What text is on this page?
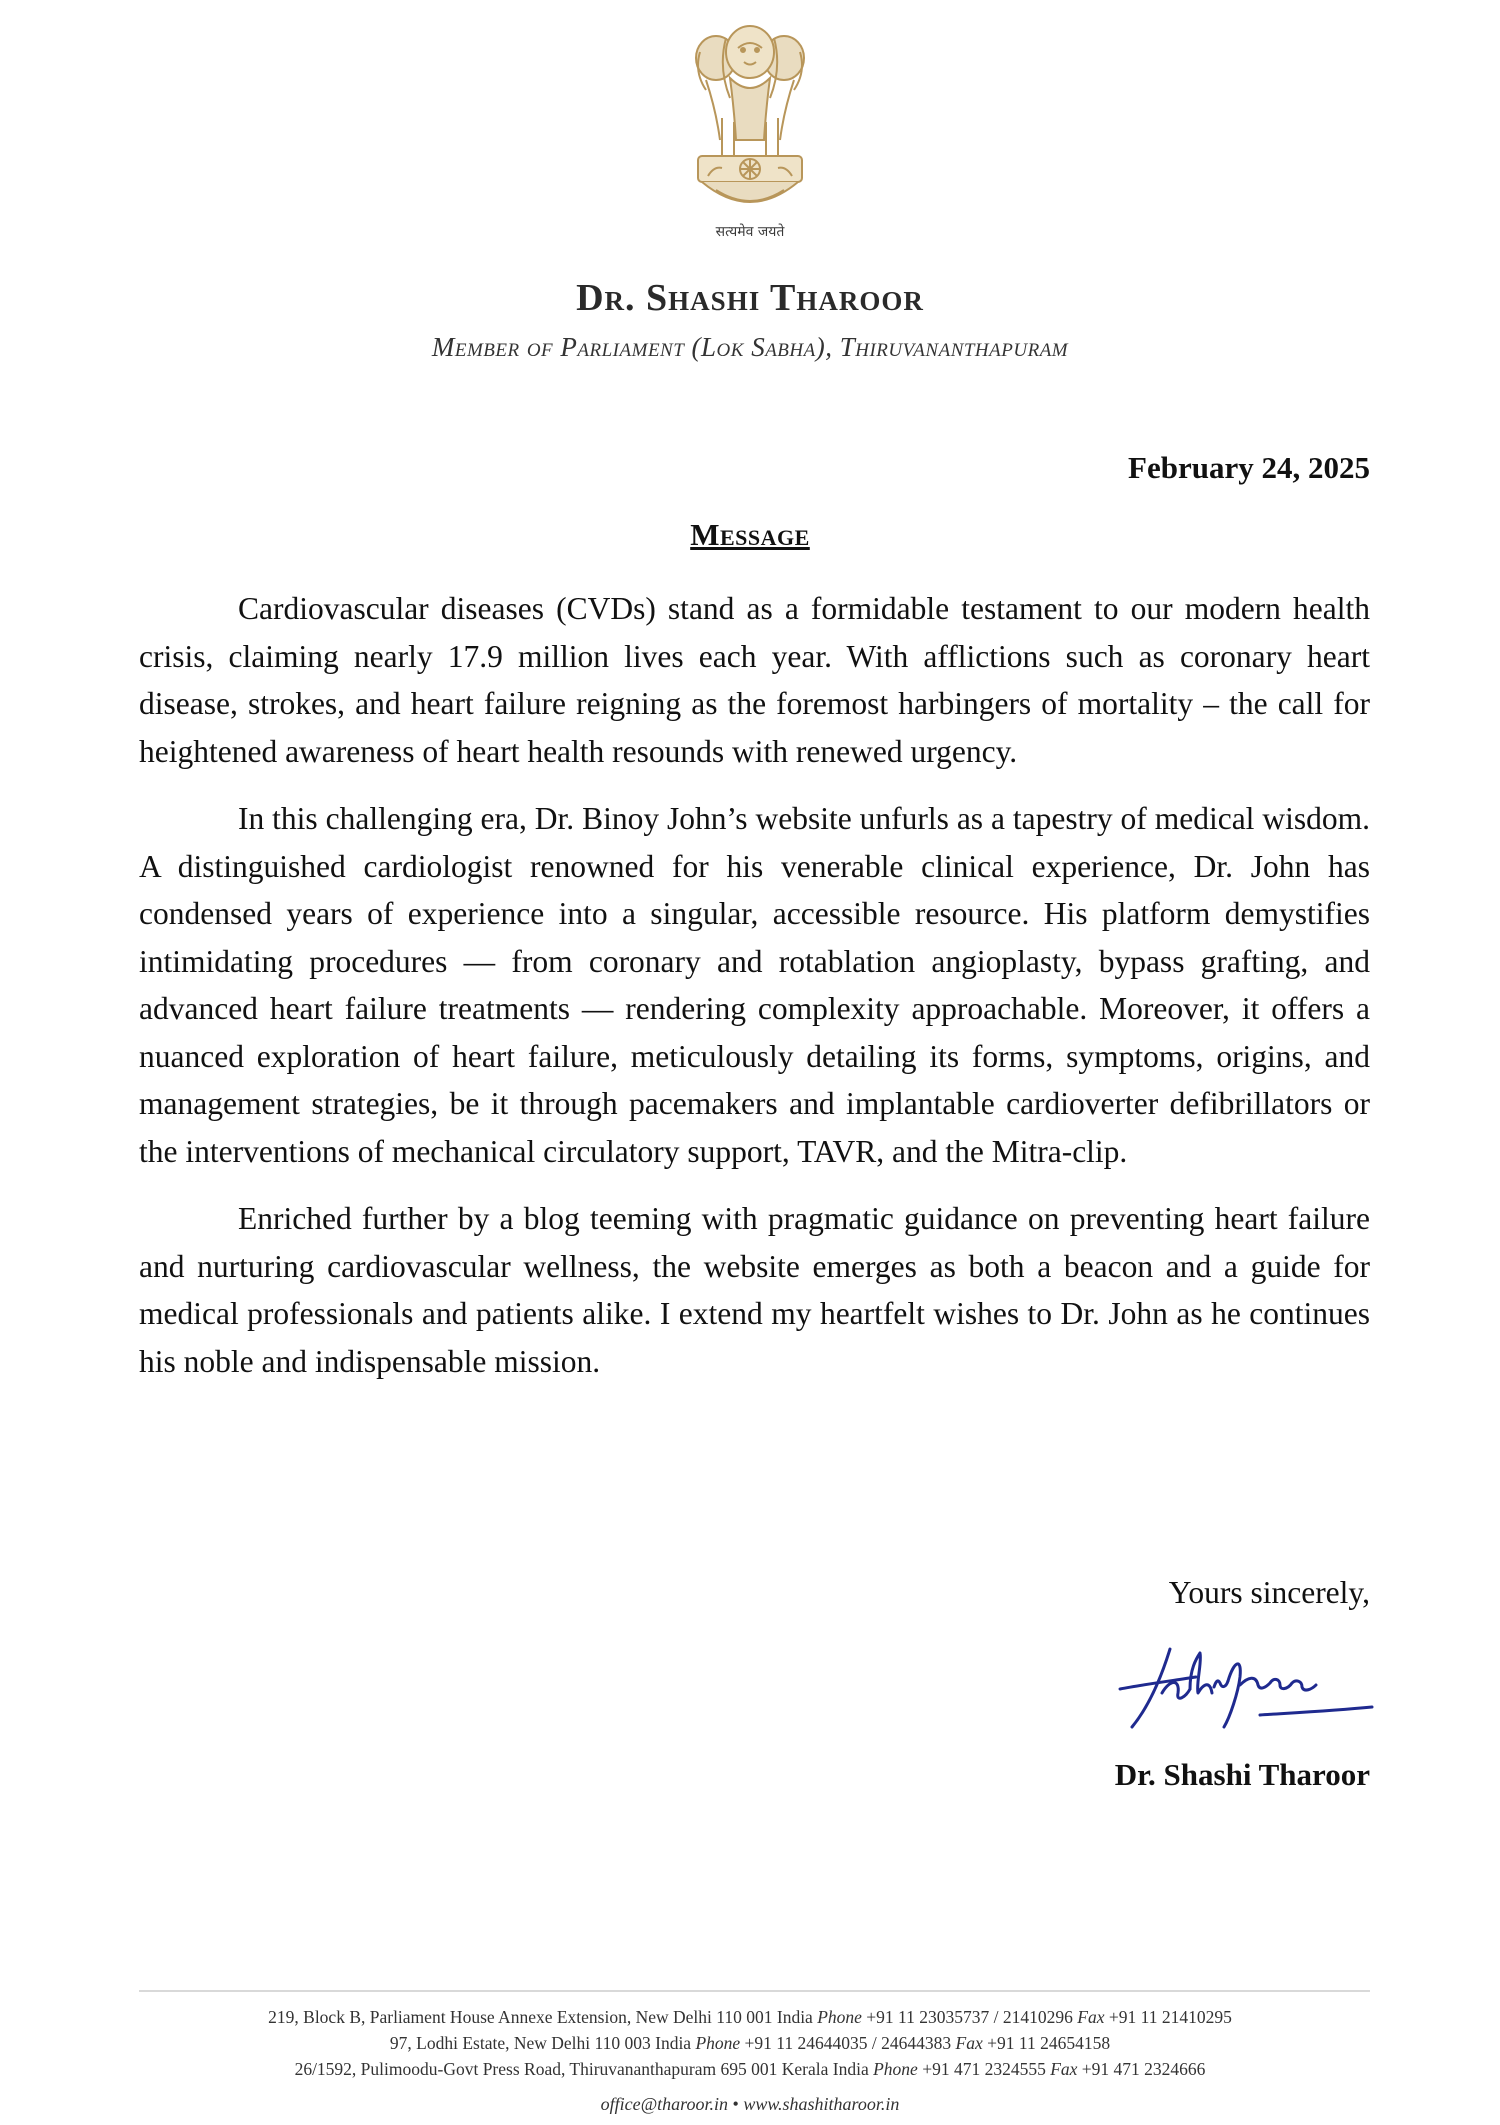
सत्यमेव जयते
Dr. Shashi Tharoor
Member of Parliament (Lok Sabha), Thiruvananthapuram
February 24, 2025
Message

Cardiovascular diseases (CVDs) stand as a formidable testament to our modern health crisis, claiming nearly 17.9 million lives each year. With afflictions such as coronary heart disease, strokes, and heart failure reigning as the foremost harbingers of mortality – the call for heightened awareness of heart health resounds with renewed urgency.

In this challenging era, Dr. Binoy John’s website unfurls as a tapestry of medical wisdom. A distinguished cardiologist renowned for his venerable clinical experience, Dr. John has condensed years of experience into a singular, accessible resource. His platform demystifies intimidating procedures — from coronary and rotablation angioplasty, bypass grafting, and advanced heart failure treatments — rendering complexity approachable. Moreover, it offers a nuanced exploration of heart failure, meticulously detailing its forms, symptoms, origins, and management strategies, be it through pacemakers and implantable cardioverter defibrillators or the interventions of mechanical circulatory support, TAVR, and the Mitra-clip.

Enriched further by a blog teeming with pragmatic guidance on preventing heart failure and nurturing cardiovascular wellness, the website emerges as both a beacon and a guide for medical professionals and patients alike. I extend my heartfelt wishes to Dr. John as he continues his noble and indispensable mission.

Yours sincerely,
Dr. Shashi Tharoor
219, Block B, Parliament House Annexe Extension, New Delhi 110 001 India Phone +91 11 23035737 / 21410296 Fax +91 11 21410295
97, Lodhi Estate, New Delhi 110 003 India Phone +91 11 24644035 / 24644383 Fax +91 11 24654158
26/1592, Pulimoodu-Govt Press Road, Thiruvananthapuram 695 001 Kerala India Phone +91 471 2324555 Fax +91 471 2324666
office@tharoor.in • www.shashitharoor.in
